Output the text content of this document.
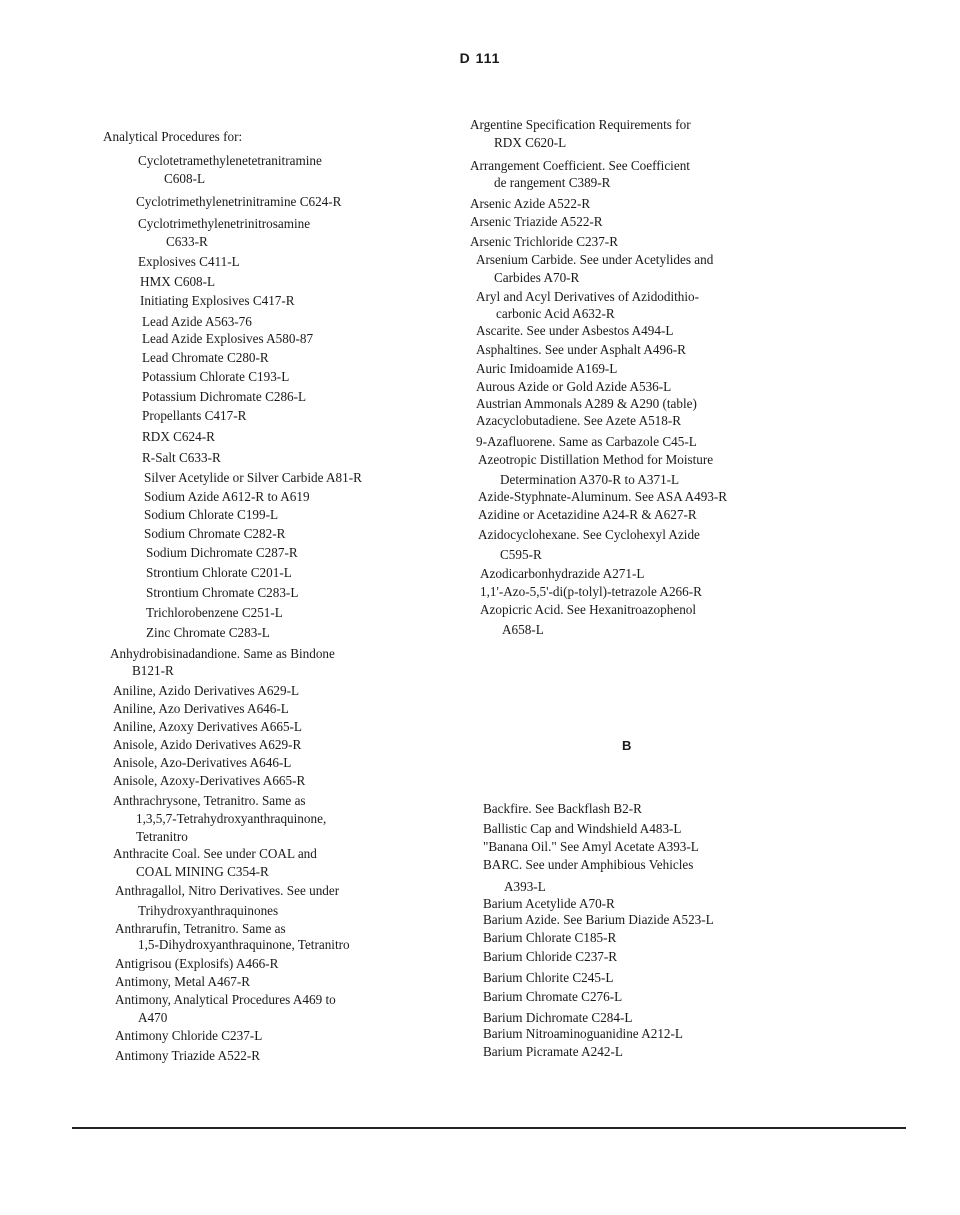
D 111
Analytical Procedures for:
Cyclotetramethylenetetranitramine
C608-L
Cyclotrimethylenetrinitramine C624-R
Cyclotrimethylenetrinitrosamine
C633-R
Explosives C411-L
HMX C608-L
Initiating Explosives C417-R
Lead Azide A563-76
Lead Azide Explosives A580-87
Lead Chromate C280-R
Potassium Chlorate C193-L
Potassium Dichromate C286-L
Propellants C417-R
RDX C624-R
R-Salt C633-R
Silver Acetylide or Silver Carbide A81-R
Sodium Azide A612-R to A619
Sodium Chlorate C199-L
Sodium Chromate C282-R
Sodium Dichromate C287-R
Strontium Chlorate C201-L
Strontium Chromate C283-L
Trichlorobenzene C251-L
Zinc Chromate C283-L
Anhydrobisinadandione. Same as Bindone
B121-R
Aniline, Azido Derivatives A629-L
Aniline, Azo Derivatives A646-L
Aniline, Azoxy Derivatives A665-L
Anisole, Azido Derivatives A629-R
Anisole, Azo-Derivatives A646-L
Anisole, Azoxy-Derivatives A665-R
Anthrachrysone, Tetranitro. Same as
1,3,5,7-Tetrahydroxyanthraquinone,
Tetranitro
Anthracite Coal. See under COAL and
COAL MINING C354-R
Anthragallol, Nitro Derivatives. See under
Trihydroxyanthraquinones
Anthrarufin, Tetranitro. Same as
1,5-Dihydroxyanthraquinone, Tetranitro
Antigrisou (Explosifs) A466-R
Antimony, Metal A467-R
Antimony, Analytical Procedures A469 to
A470
Antimony Chloride C237-L
Antimony Triazide A522-R
Argentine Specification Requirements for
RDX C620-L
Arrangement Coefficient. See Coefficient
de rangement C389-R
Arsenic Azide A522-R
Arsenic Triazide A522-R
Arsenic Trichloride C237-R
Arsenium Carbide. See under Acetylides and
Carbides A70-R
Aryl and Acyl Derivatives of Azidodithio-
carbonic Acid A632-R
Ascarite. See under Asbestos A494-L
Asphaltines. See under Asphalt A496-R
Auric Imidoamide A169-L
Aurous Azide or Gold Azide A536-L
Austrian Ammonals A289 & A290 (table)
Azacyclobutadiene. See Azete A518-R
9-Azafluorene. Same as Carbazole C45-L
Azeotropic Distillation Method for Moisture
Determination A370-R to A371-L
Azide-Styphnate-Aluminum. See ASA A493-R
Azidine or Acetazidine A24-R & A627-R
Azidocyclohexane. See Cyclohexyl Azide
C595-R
Azodicarbonhydrazide A271-L
1,1'-Azo-5,5'-di(p-tolyl)-tetrazole A266-R
Azopicric Acid. See Hexanitroazophenol
A658-L
B
Backfire. See Backflash B2-R
Ballistic Cap and Windshield A483-L
"Banana Oil." See Amyl Acetate A393-L
BARC. See under Amphibious Vehicles
A393-L
Barium Acetylide A70-R
Barium Azide. See Barium Diazide A523-L
Barium Chlorate C185-R
Barium Chloride C237-R
Barium Chlorite C245-L
Barium Chromate C276-L
Barium Dichromate C284-L
Barium Nitroaminoguanidine A212-L
Barium Picramate A242-L
